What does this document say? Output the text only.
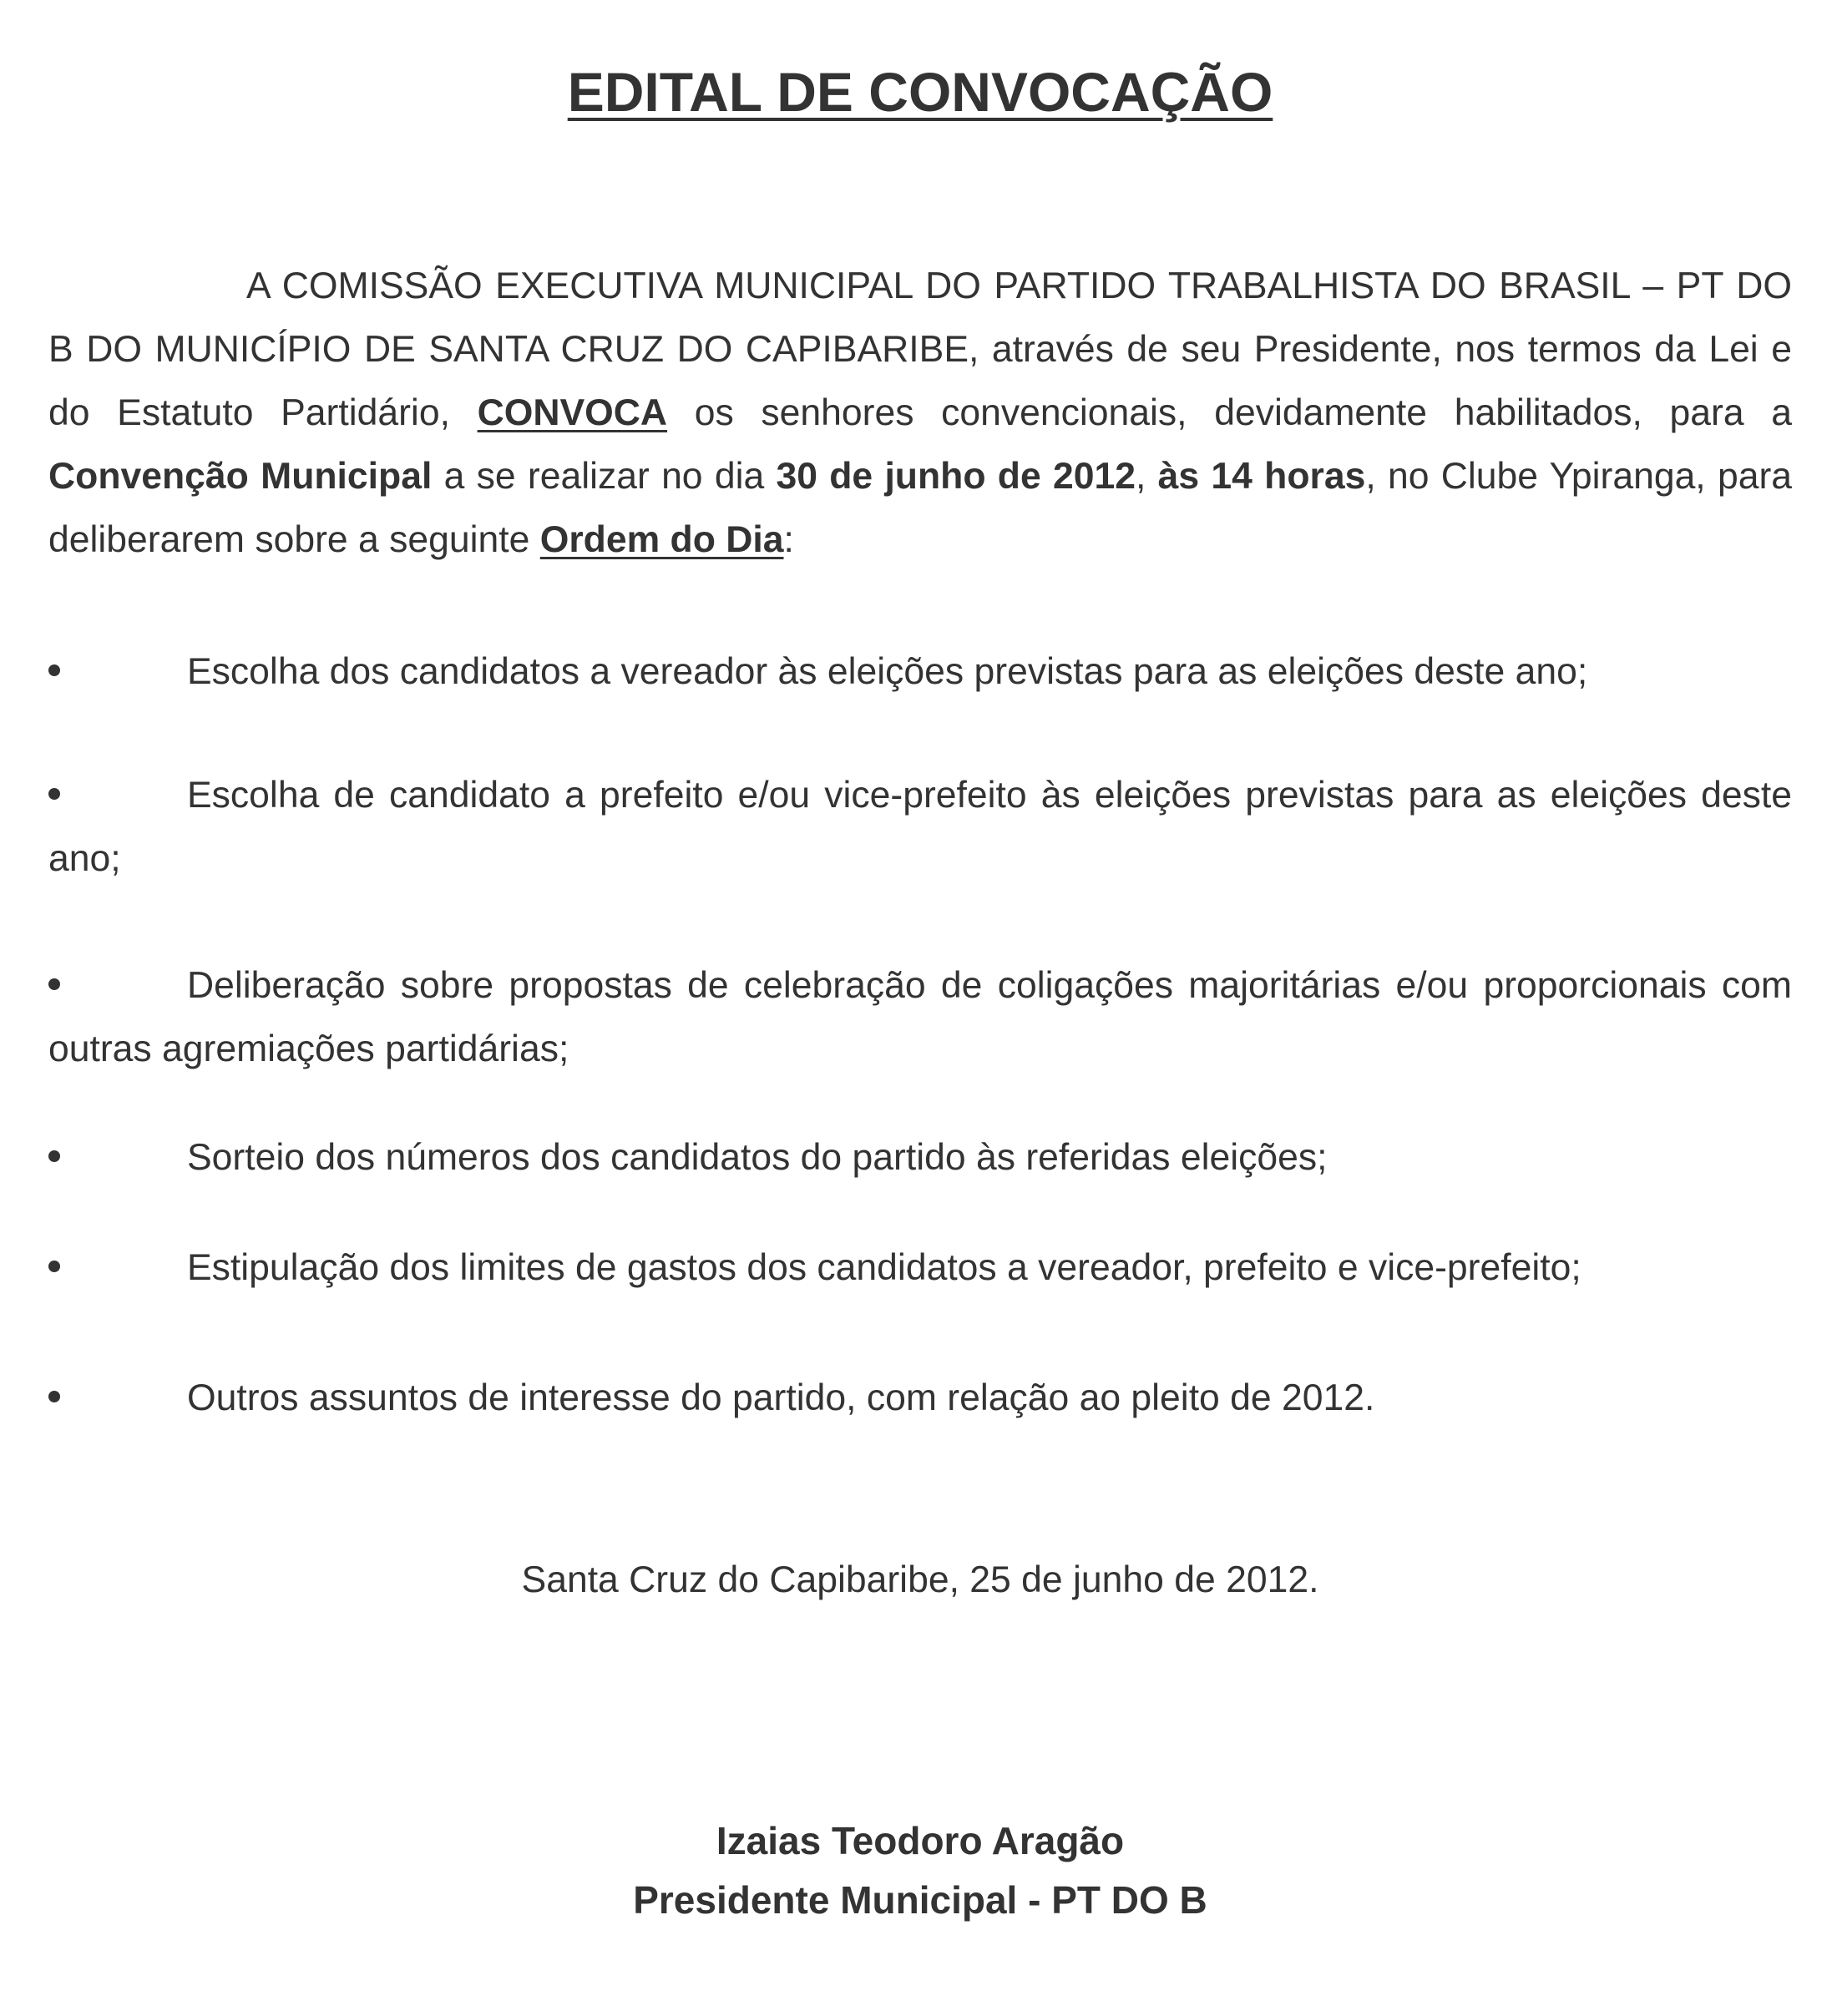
EDITAL DE CONVOCAÇÃO

A COMISSÃO EXECUTIVA MUNICIPAL DO PARTIDO TRABALHISTA DO BRASIL – PT DO B DO MUNICÍPIO DE SANTA CRUZ DO CAPIBARIBE, através de seu Presidente, nos termos da Lei e do Estatuto Partidário, CONVOCA os senhores convencionais, devidamente habilitados, para a Convenção Municipal a se realizar no dia 30 de junho de 2012, às 14 horas, no Clube Ypiranga, para deliberarem sobre a seguinte Ordem do Dia:

Escolha dos candidatos a vereador às eleições previstas para as eleições deste ano;

Escolha de candidato a prefeito e/ou vice-prefeito às eleições previstas para as eleições deste ano;

Deliberação sobre propostas de celebração de coligações majoritárias e/ou proporcionais com outras agremiações partidárias;

Sorteio dos números dos candidatos do partido às referidas eleições;

Estipulação dos limites de gastos dos candidatos a vereador, prefeito e vice-prefeito;

Outros assuntos de interesse do partido, com relação ao pleito de 2012.

Santa Cruz do Capibaribe, 25 de junho de 2012.
Izaias Teodoro Aragão
Presidente Municipal - PT DO B
